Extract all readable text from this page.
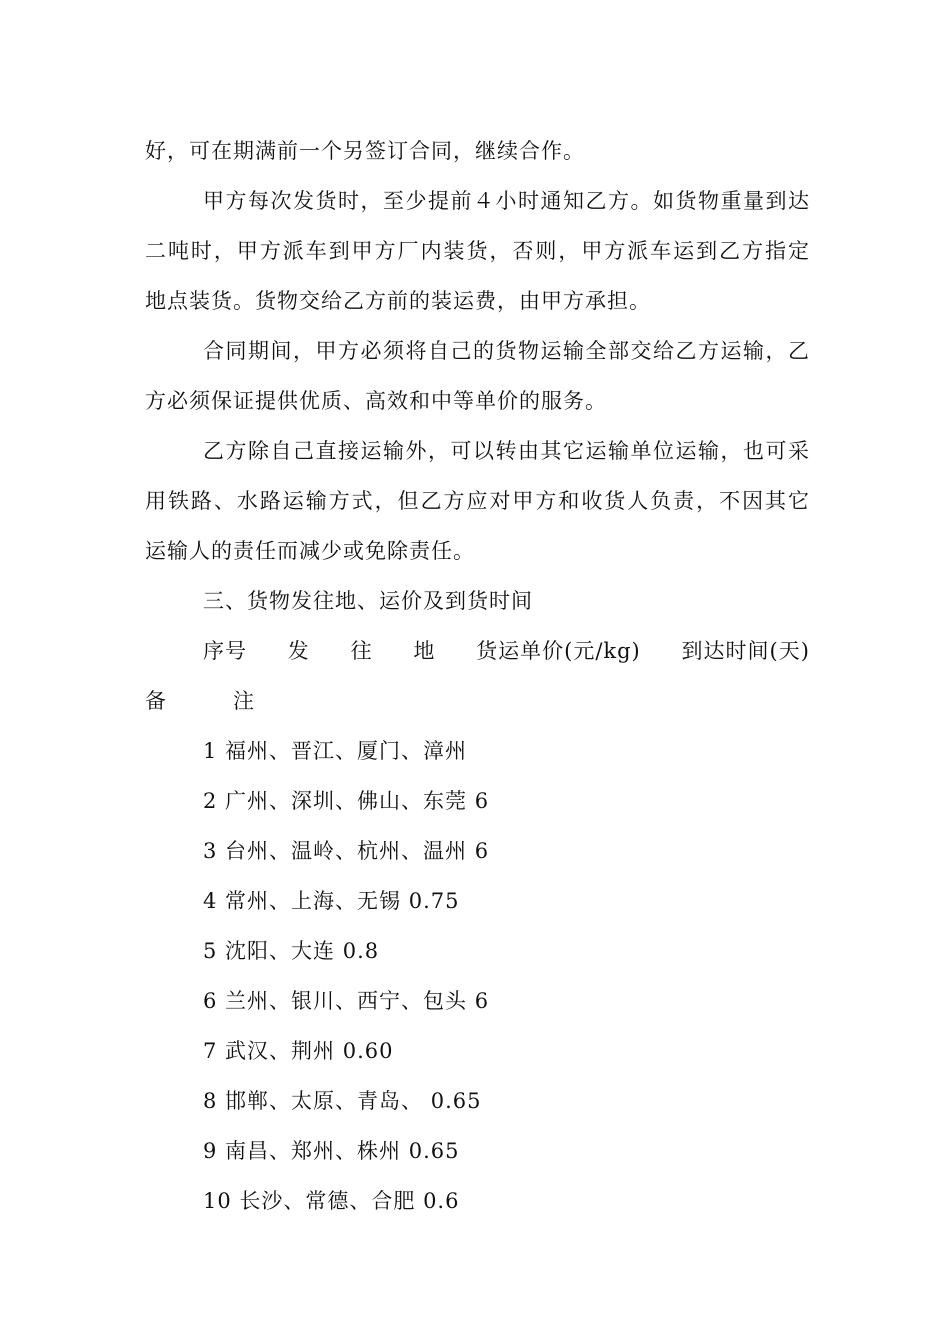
好，可在期满前一个另签订合同，继续合作。
甲方每次发货时，至少提前４小时通知乙方。如货物重量到达
二吨时，甲方派车到甲方厂内装货，否则，甲方派车运到乙方指定
地点装货。货物交给乙方前的装运费，由甲方承担。
合同期间，甲方必须将自己的货物运输全部交给乙方运输，乙
方必须保证提供优质、高效和中等单价的服务。
乙方除自己直接运输外，可以转由其它运输单位运输，也可采
用铁路、水路运输方式，但乙方应对甲方和收货人负责，不因其它
运输人的责任而减少或免除责任。
三、货物发往地、运价及到货时间
序号 发 往 地 货运单价(元/kg) 到达时间(天)
备　　　注
1 福州、晋江、厦门、漳州
2 广州、深圳、佛山、东莞 6
3 台州、温岭、杭州、温州 6
4 常州、上海、无锡 0.75
5 沈阳、大连 0.8
6 兰州、银川、西宁、包头 6
7 武汉、荆州 0.60
8 邯郸、太原、青岛、 0.65
9 南昌、郑州、株州 0.65
10 长沙、常德、合肥 0.6
